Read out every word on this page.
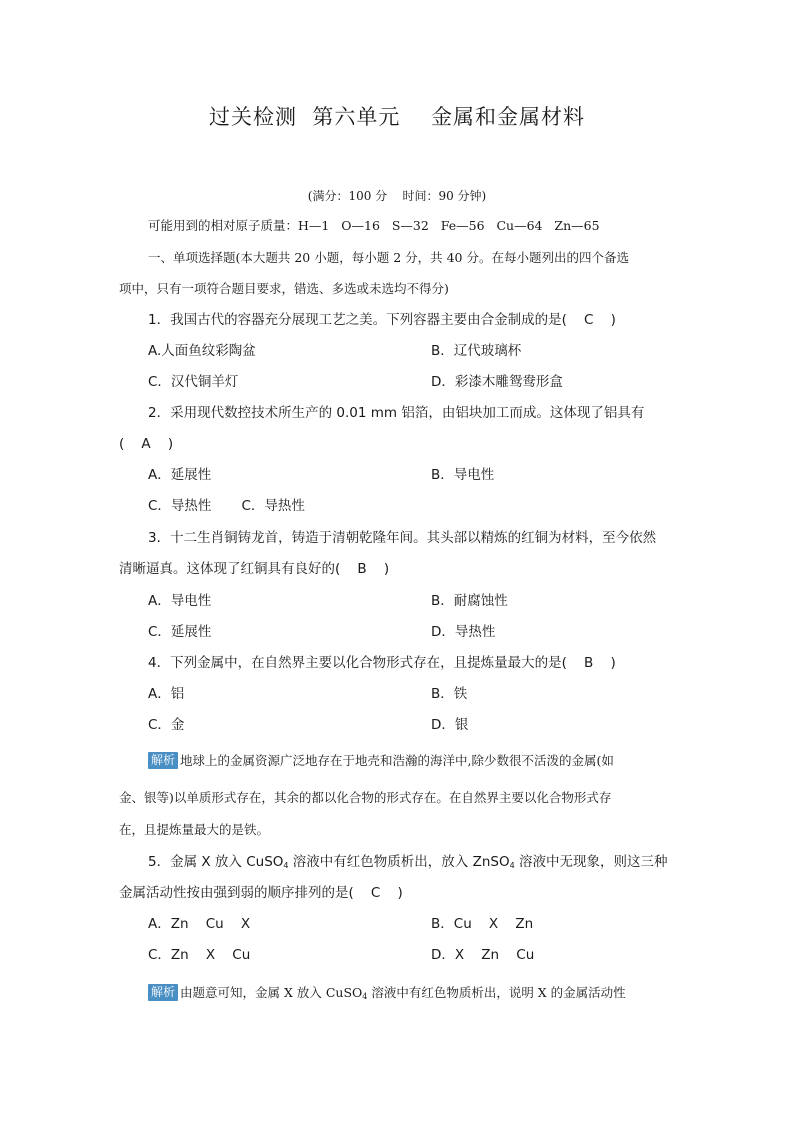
过关检测  第六单元    金属和金属材料
(满分：100 分    时间：90 分钟)
可能用到的相对原子质量：H—1   O—16   S—32   Fe—56   Cu—64   Zn—65
一、单项选择题(本大题共 20 小题，每小题 2 分，共 40 分。在每小题列出的四个备选
项中，只有一项符合题目要求，错选、多选或未选均不得分)
1．我国古代的容器充分展现工艺之美。下列容器主要由合金制成的是(    C    )
A.人面鱼纹彩陶盆	B．辽代玻璃杯
C．汉代铜羊灯	D．彩漆木雕鸳鸯形盒
2．采用现代数控技术所生产的 0.01 mm 铝箔，由铝块加工而成。这体现了铝具有
(    A    )
A．延展性	B．导电性
C．导热性       C．导热性
3．十二生肖铜铸龙首，铸造于清朝乾隆年间。其头部以精炼的红铜为材料，至今依然
清晰逼真。这体现了红铜具有良好的(    B    )
A．导电性	B．耐腐蚀性
C．延展性	D．导热性
4．下列金属中，在自然界主要以化合物形式存在，且提炼量最大的是(    B    )
A．铝	B．铁
C．金	D．银
解析 地球上的金属资源广泛地存在于地壳和浩瀚的海洋中,除少数很不活泼的金属(如
金、银等)以单质形式存在，其余的都以化合物的形式存在。在自然界主要以化合物形式存
在，且提炼量最大的是铁。
5．金属 X 放入 CuSO$_4$ 溶液中有红色物质析出，放入 ZnSO$_4$ 溶液中无现象，则这三种
金属活动性按由强到弱的顺序排列的是(    C    )
A．Zn    Cu    X	B．Cu    X    Zn
C．Zn    X    Cu	D．X    Zn    Cu
解析 由题意可知，金属 X 放入 CuSO$_4$ 溶液中有红色物质析出，说明 X 的金属活动性
